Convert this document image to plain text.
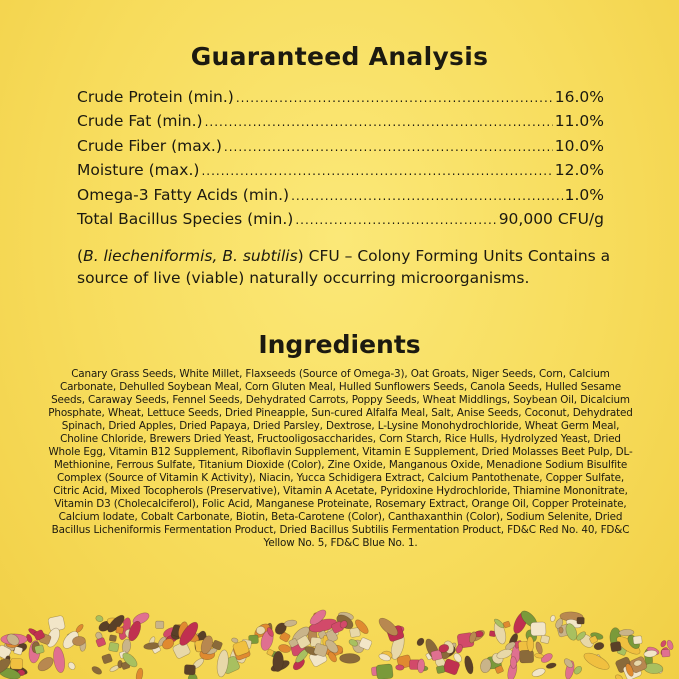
Guaranteed Analysis
Crude Protein (min.) .....	16.0%
Crude Fat (min.) .....	11.0%
Crude Fiber (max.) .....	10.0%
Moisture (max.) .....	12.0%
Omega-3 Fatty Acids (min.) .....	1.0%
Total Bacillus Species (min.) .....	90,000 CFU/g

(B. liecheniformis, B. subtilis) CFU – Colony Forming Units Contains a source of live (viable) naturally occurring microorganisms.

Ingredients

Canary Grass Seeds, White Millet, Flaxseeds (Source of Omega-3), Oat Groats, Niger Seeds, Corn, Calcium Carbonate, Dehulled Soybean Meal, Corn Gluten Meal, Hulled Sunflowers Seeds, Canola Seeds, Hulled Sesame Seeds, Caraway Seeds, Fennel Seeds, Dehydrated Carrots, Poppy Seeds, Wheat Middlings, Soybean Oil, Dicalcium Phosphate, Wheat, Lettuce Seeds, Dried Pineapple, Sun-cured Alfalfa Meal, Salt, Anise Seeds, Coconut, Dehydrated Spinach, Dried Apples, Dried Papaya, Dried Parsley, Dextrose, L-Lysine Monohydrochloride, Wheat Germ Meal, Choline Chloride, Brewers Dried Yeast, Fructooligosaccharides, Corn Starch, Rice Hulls, Hydrolyzed Yeast, Dried Whole Egg, Vitamin B12 Supplement, Riboflavin Supplement, Vitamin E Supplement, Dried Molasses Beet Pulp, DL-Methionine, Ferrous Sulfate, Titanium Dioxide (Color), Zine Oxide, Manganous Oxide, Menadione Sodium Bisulfite Complex (Source of Vitamin K Activity), Niacin, Yucca Schidigera Extract, Calcium Pantothenate, Copper Sulfate, Citric Acid, Mixed Tocopherols (Preservative), Vitamin A Acetate, Pyridoxine Hydrochloride, Thiamine Mononitrate, Vitamin D3 (Cholecalciferol), Folic Acid, Manganese Proteinate, Rosemary Extract, Orange Oil, Copper Proteinate, Calcium Iodate, Cobalt Carbonate, Biotin, Beta-Carotene (Color), Canthaxanthin (Color), Sodium Selenite, Dried Bacillus Licheniformis Fermentation Product, Dried Bacillus Subtilis Fermentation Product, FD&C Red No. 40, FD&C Yellow No. 5, FD&C Blue No. 1.
